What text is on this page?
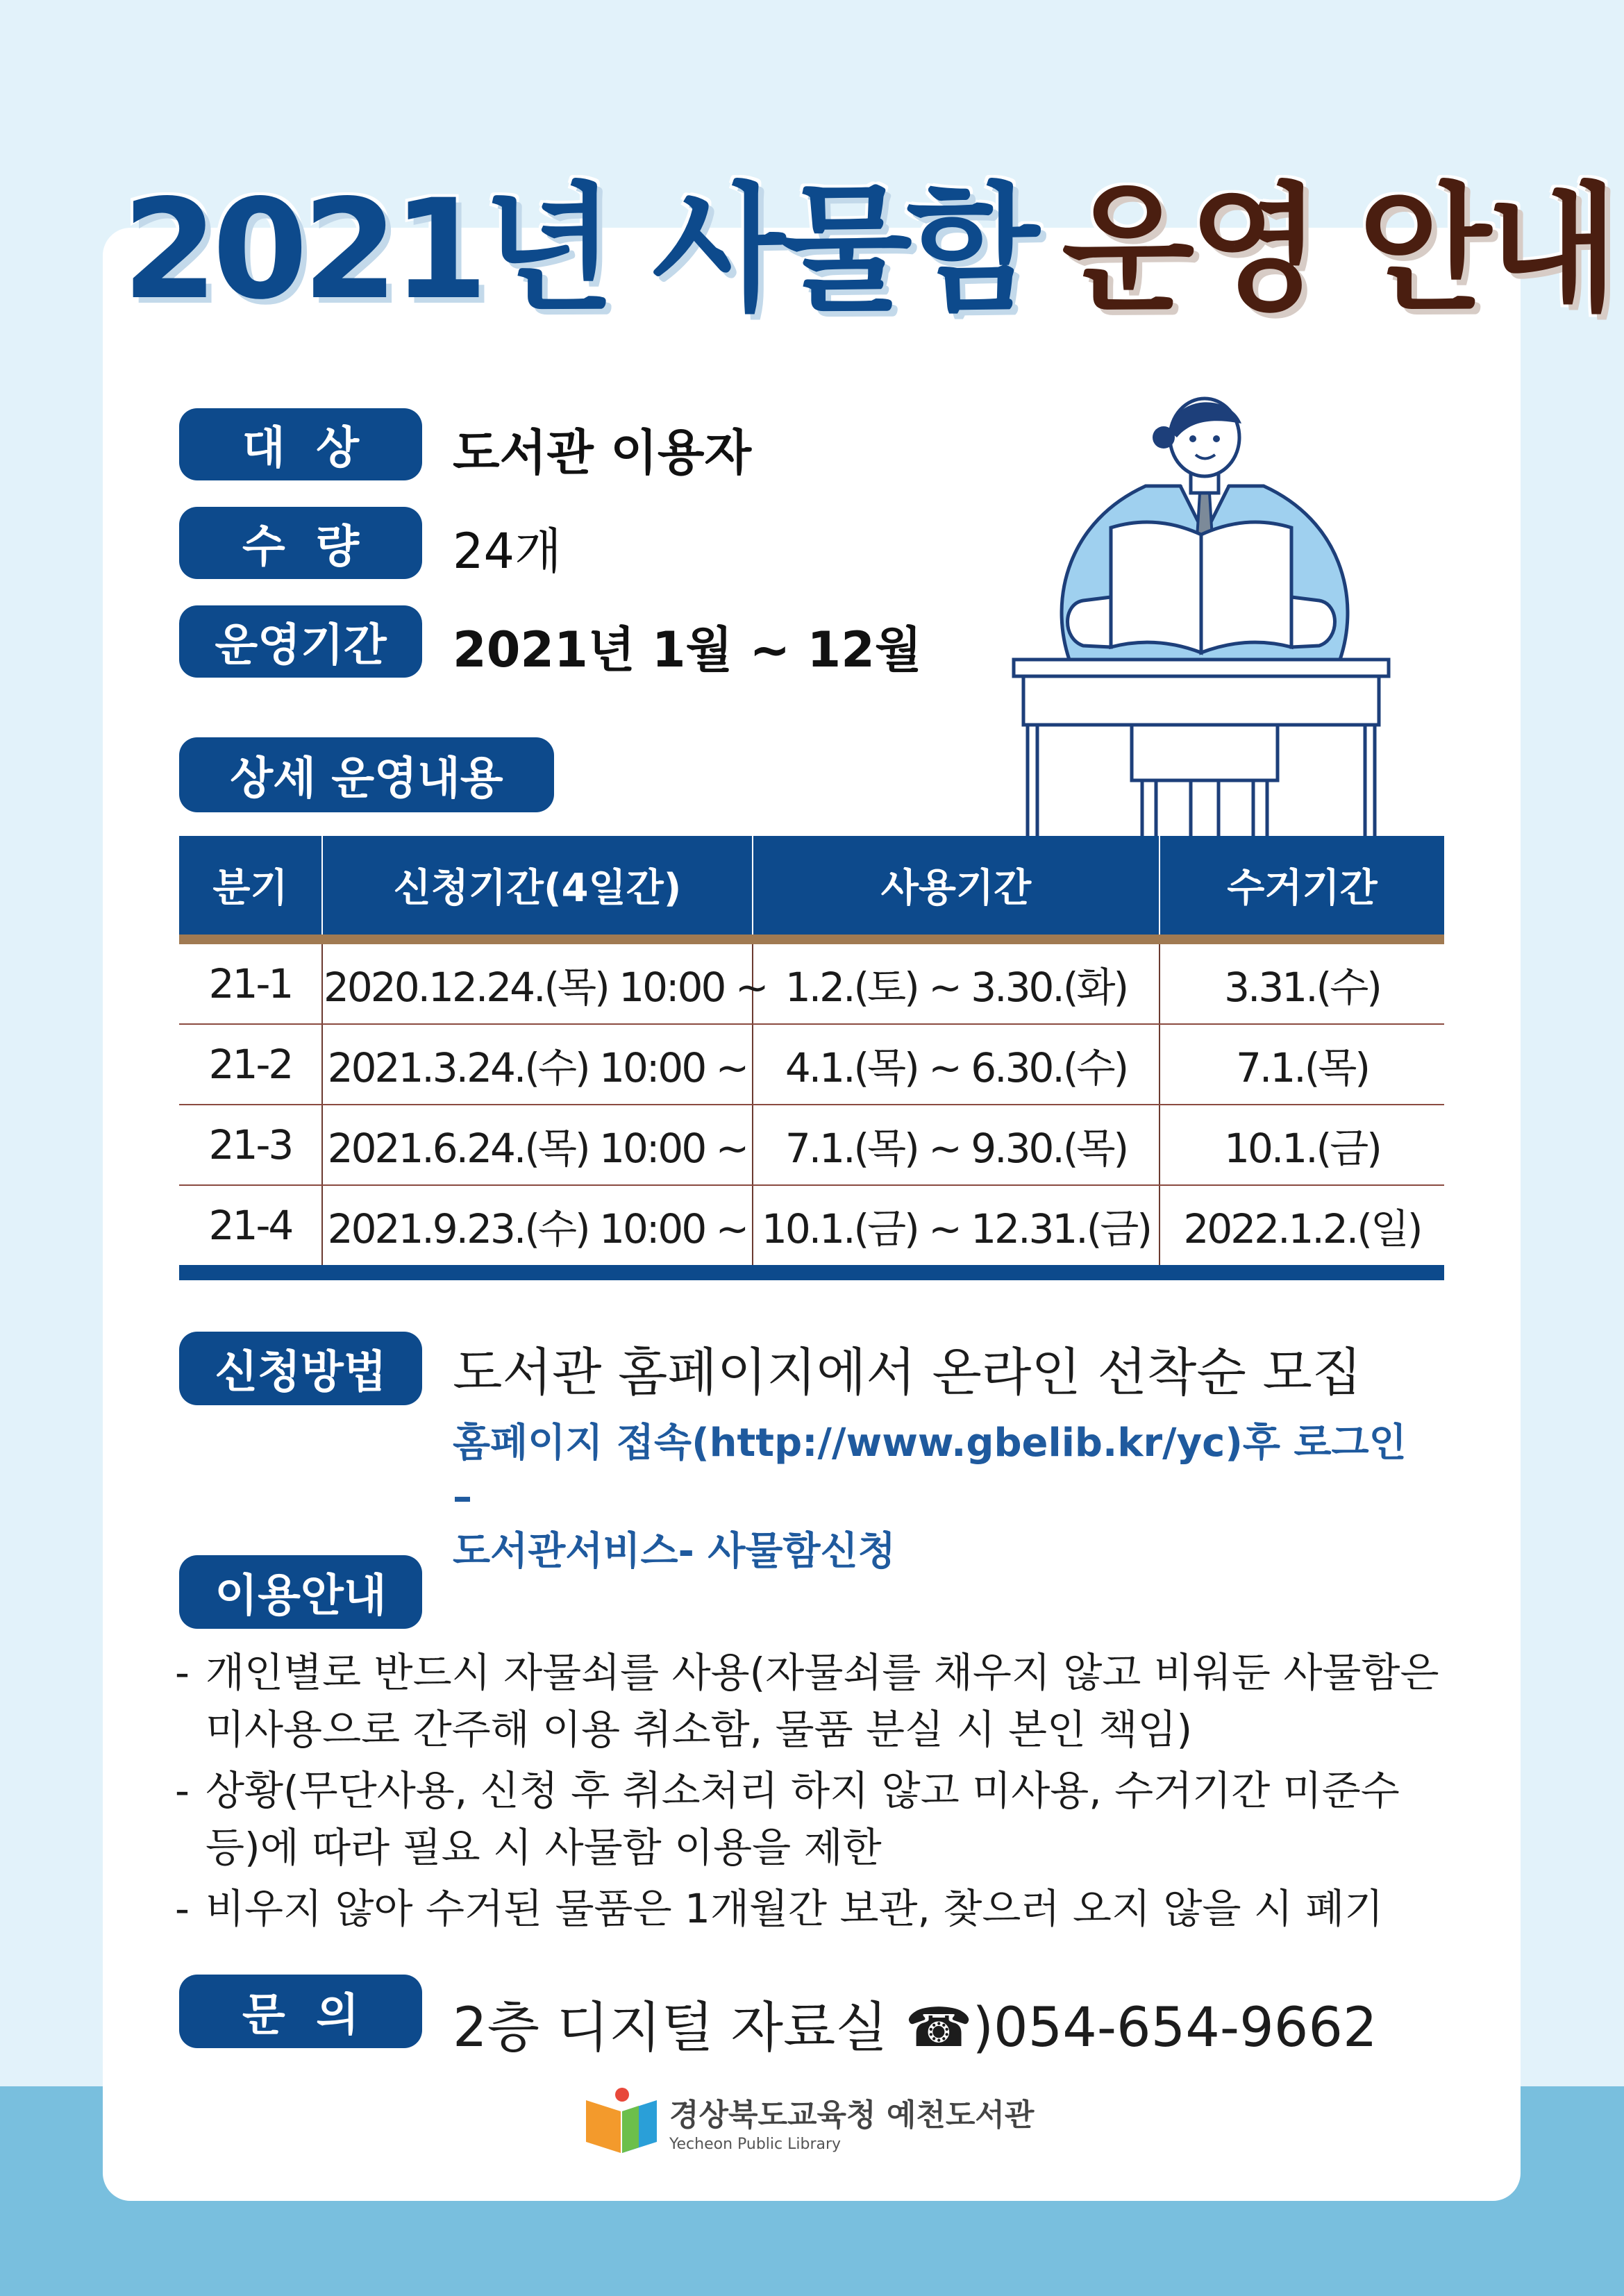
2021년 사물함 운영 안내
대  상 도서관 이용자
수  량 24개
운영기간 2021년 1월 ~ 12월
상세 운영내용
분기	신청기간(4일간)	사용기간	수거기간
21-1	2020.12.24.(목) 10:00 ~	1.2.(토) ~ 3.30.(화)	3.31.(수)
21-2	2021.3.24.(수) 10:00 ~	4.1.(목) ~ 6.30.(수)	7.1.(목)
21-3	2021.6.24.(목) 10:00 ~	7.1.(목) ~ 9.30.(목)	10.1.(금)
21-4	2021.9.23.(수) 10:00 ~	10.1.(금) ~ 12.31.(금)	2022.1.2.(일)
신청방법 도서관 홈페이지에서 온라인 선착순 모집
홈페이지 접속(http://www.gbelib.kr/yc)후 로그인 –
도서관서비스- 사물함신청
이용안내
- 개인별로 반드시 자물쇠를 사용(자물쇠를 채우지 않고 비워둔 사물함은 미사용으로 간주해 이용 취소함, 물품 분실 시 본인 책임)
- 상황(무단사용, 신청 후 취소처리 하지 않고 미사용, 수거기간 미준수 등)에 따라 필요 시 사물함 이용을 제한
- 비우지 않아 수거된 물품은 1개월간 보관, 찾으러 오지 않을 시 폐기
문  의 2층 디지털 자료실 ☎)054-654-9662
경상북도교육청 예천도서관
Yecheon Public Library
